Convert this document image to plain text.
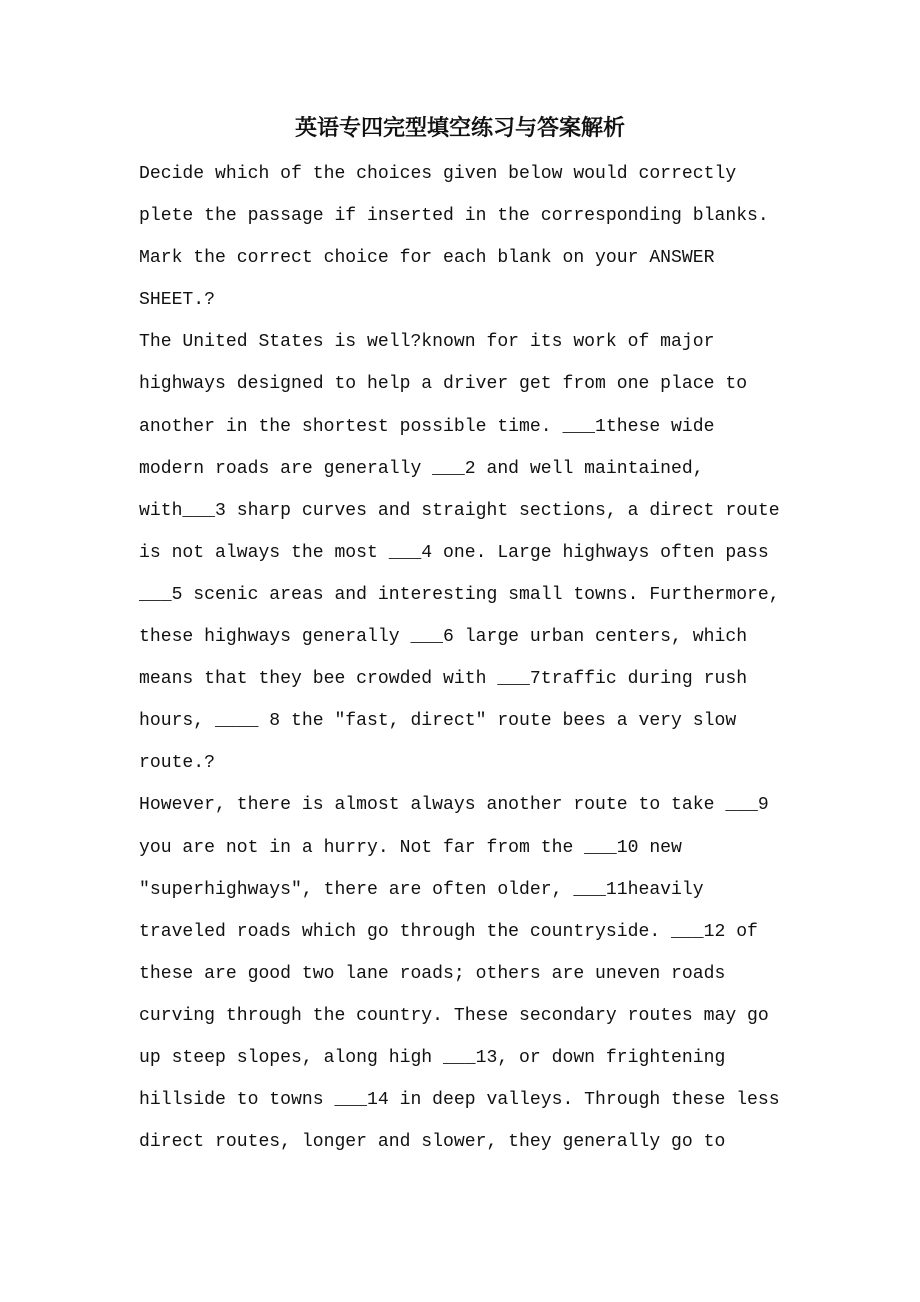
英语专四完型填空练习与答案解析
Decide which of the choices given below would correctly
plete the passage if inserted in the corresponding blanks.
Mark the correct choice for each blank on your ANSWER
SHEET.?
The United States is well?known for its work of major
highways designed to help a driver get from one place to
another in the shortest possible time. ___1these wide
modern roads are generally ___2 and well maintained,
with___3 sharp curves and straight sections, a direct route
is not always the most ___4 one. Large highways often pass
___5 scenic areas and interesting small towns. Furthermore,
these highways generally ___6 large urban centers, which
means that they bee crowded with ___7traffic during rush
hours, ____ 8 the "fast, direct" route bees a very slow
route.?
However, there is almost always another route to take ___9
you are not in a hurry. Not far from the ___10 new
"superhighways", there are often older, ___11heavily
traveled roads which go through the countryside. ___12 of
these are good two lane roads; others are uneven roads
curving through the country. These secondary routes may go
up steep slopes, along high ___13, or down frightening
hillside to towns ___14 in deep valleys. Through these less
direct routes, longer and slower, they generally go to
